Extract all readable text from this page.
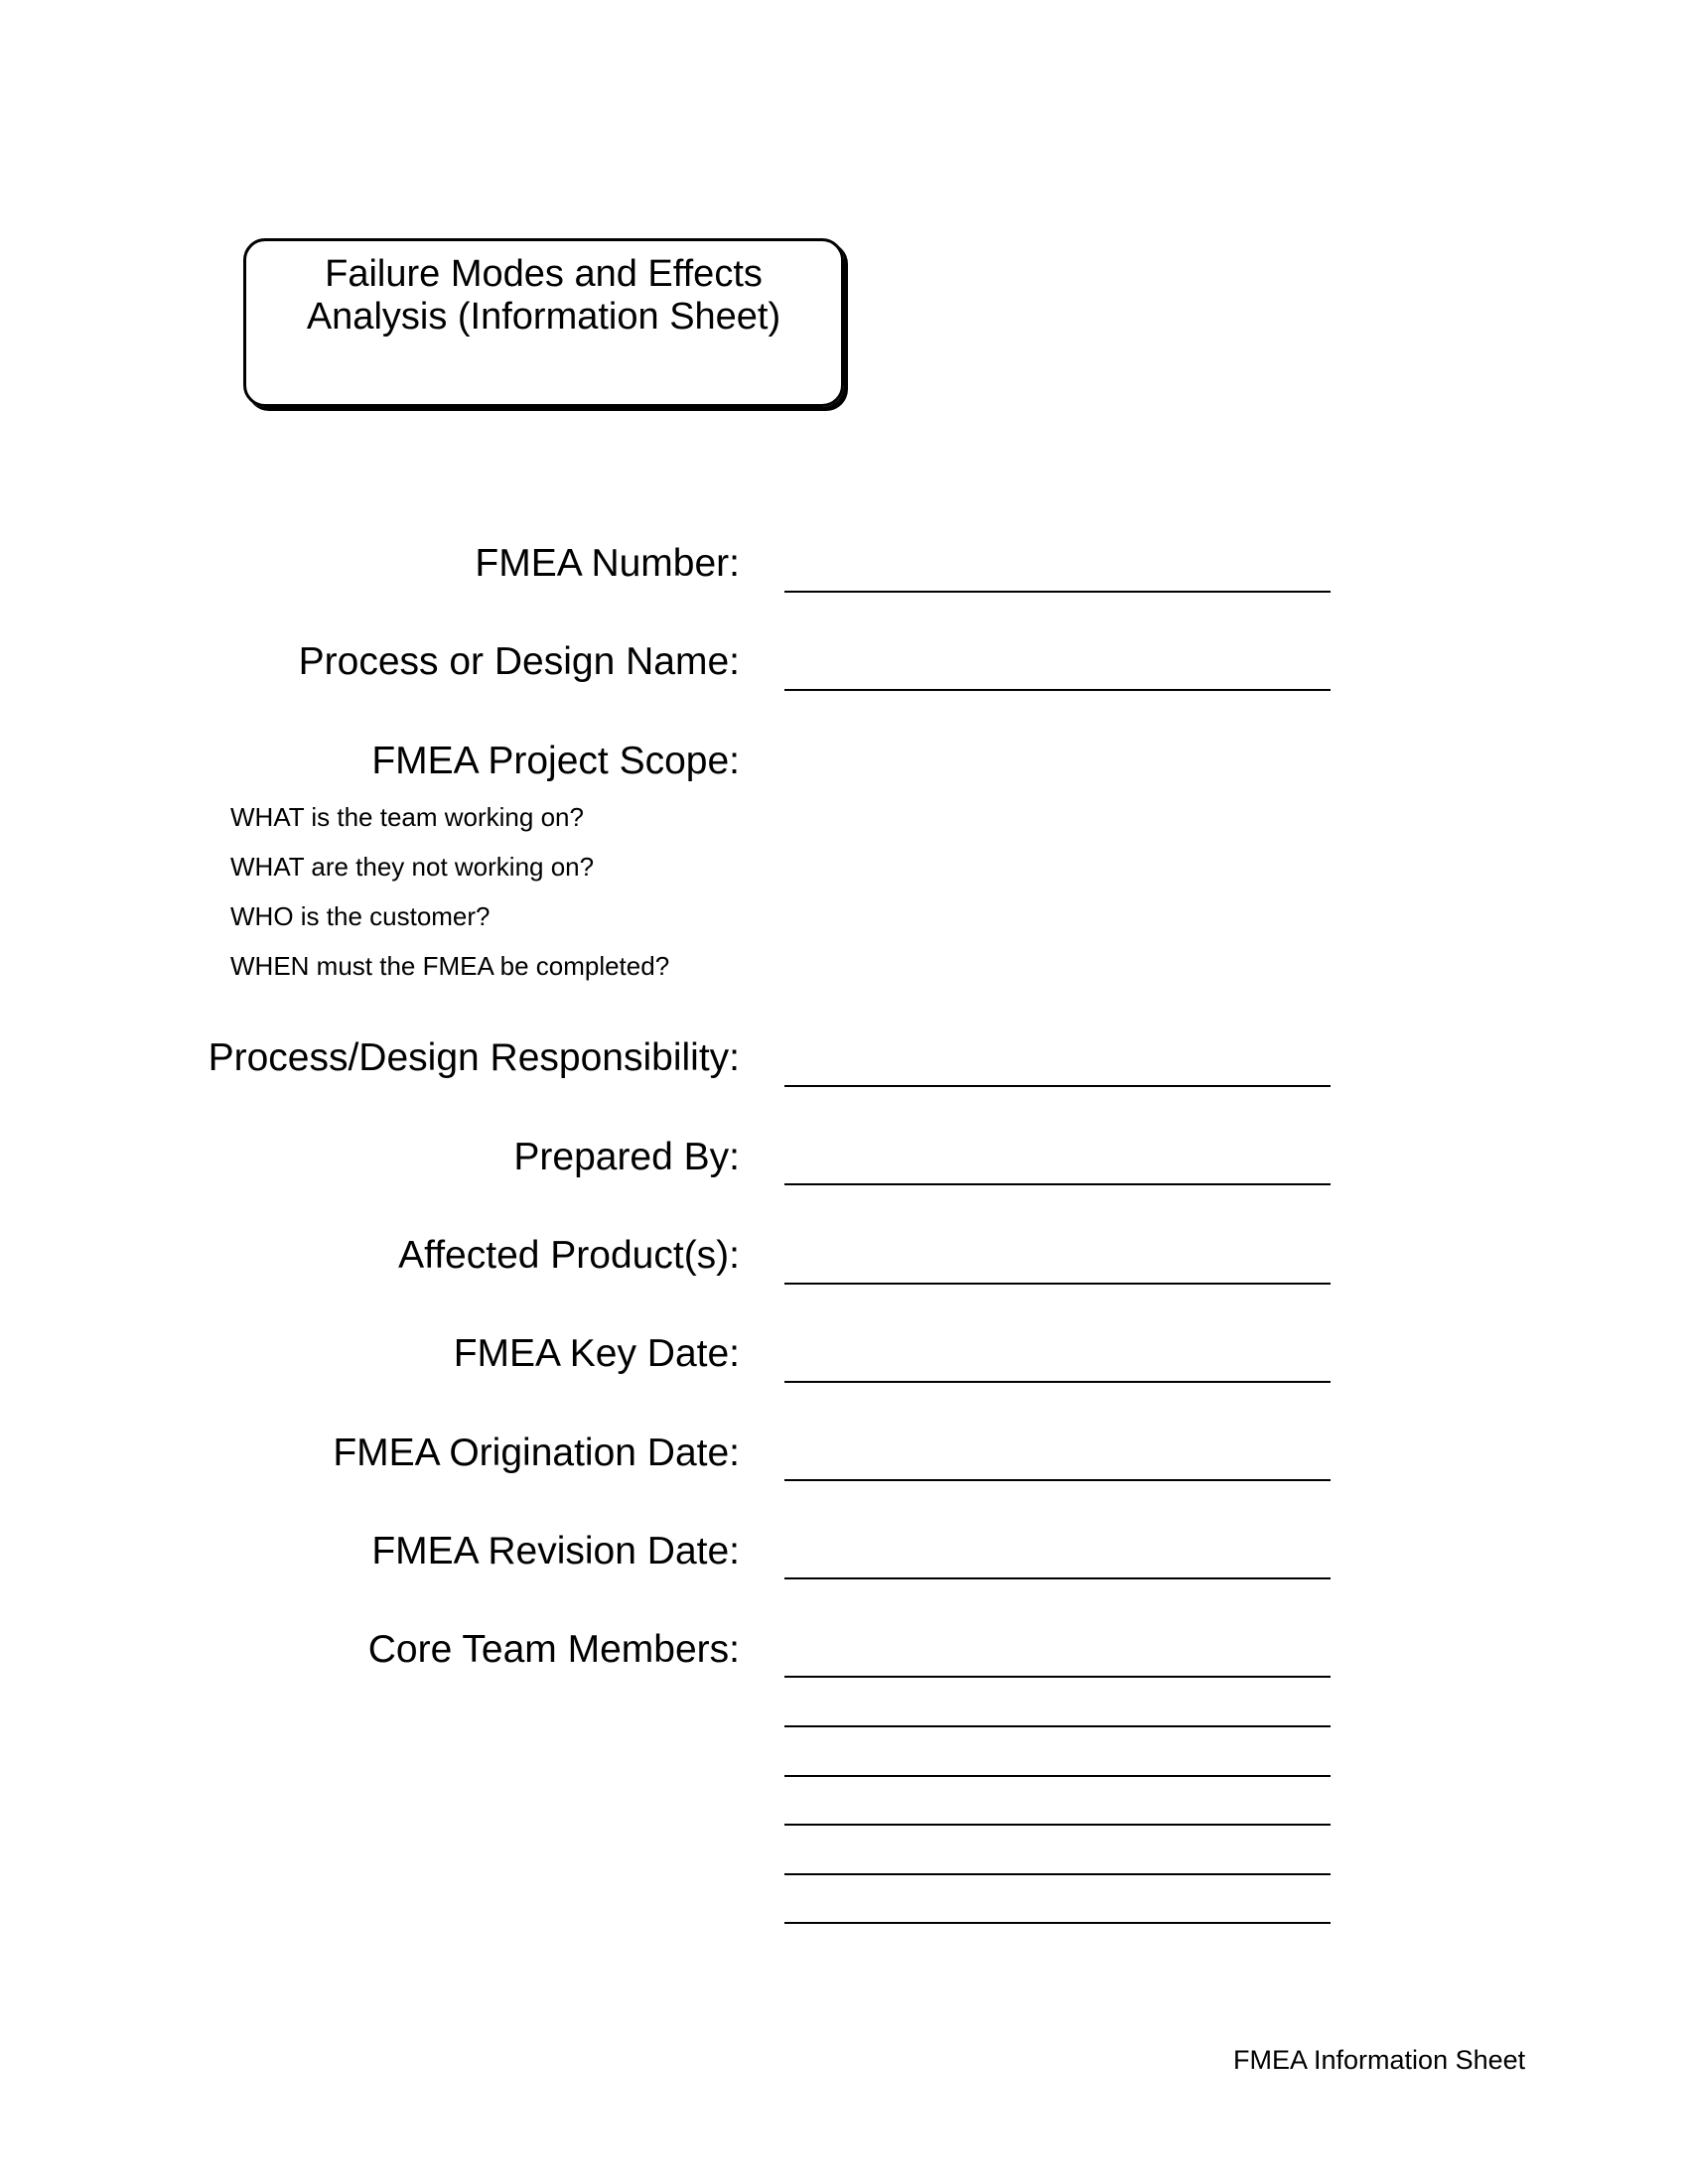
Failure Modes and Effects
Analysis (Information Sheet)
FMEA Number:
Process or Design Name:
FMEA Project Scope:
WHAT is the team working on?
WHAT are they not working on?
WHO is the customer?
WHEN must the FMEA be completed?
Process/Design Responsibility:
Prepared By:
Affected Product(s):
FMEA Key Date:
FMEA Origination Date:
FMEA Revision Date:
Core Team Members:
FMEA Information Sheet
